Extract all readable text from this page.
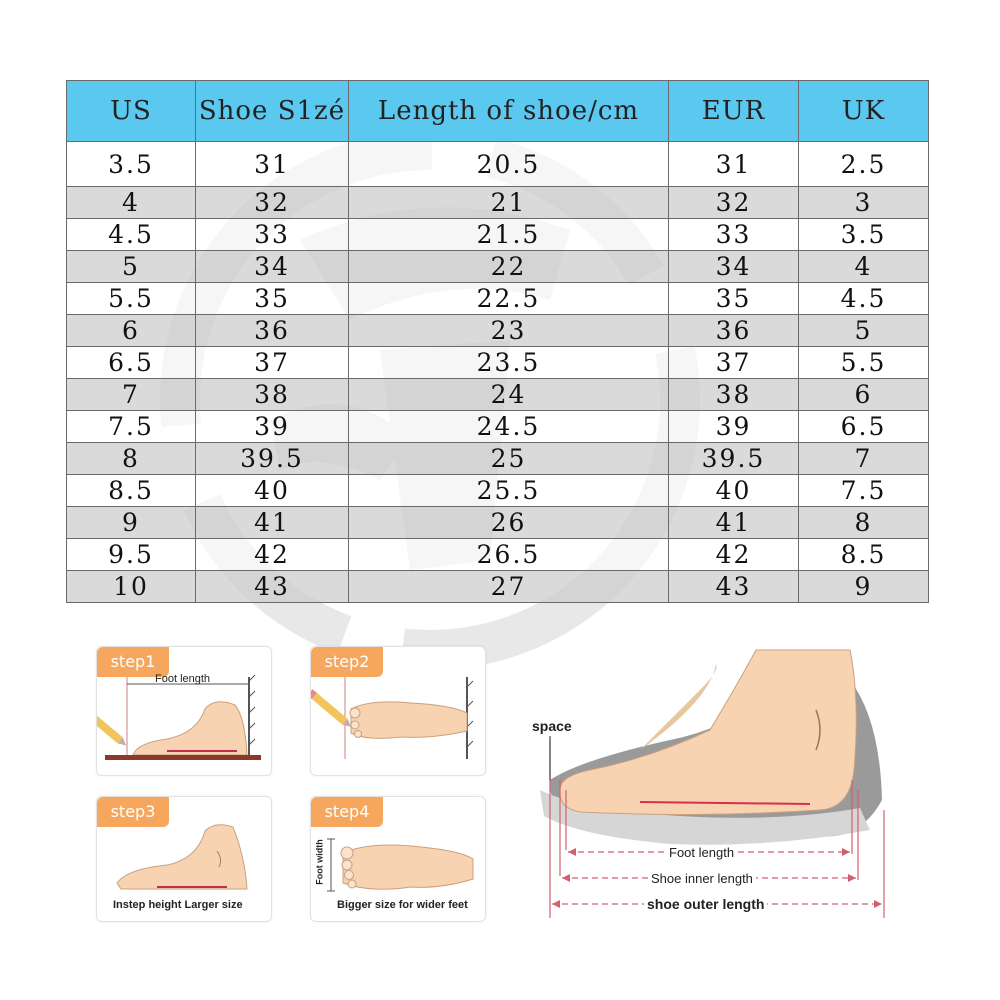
US	Shoe S1zé	Length of shoe/cm	EUR	UK
3.5	31	20.5	31	2.5
4	32	21	32	3
4.5	33	21.5	33	3.5
5	34	22	34	4
5.5	35	22.5	35	4.5
6	36	23	36	5
6.5	37	23.5	37	5.5
7	38	24	38	6
7.5	39	24.5	39	6.5
8	39.5	25	39.5	7
8.5	40	25.5	40	7.5
9	41	26	41	8
9.5	42	26.5	42	8.5
10	43	27	43	9
step1
Foot length
step2
step3
Instep height Larger size
step4
Foot width
Bigger size for wider feet
space
Foot length
Shoe inner length
shoe outer length
